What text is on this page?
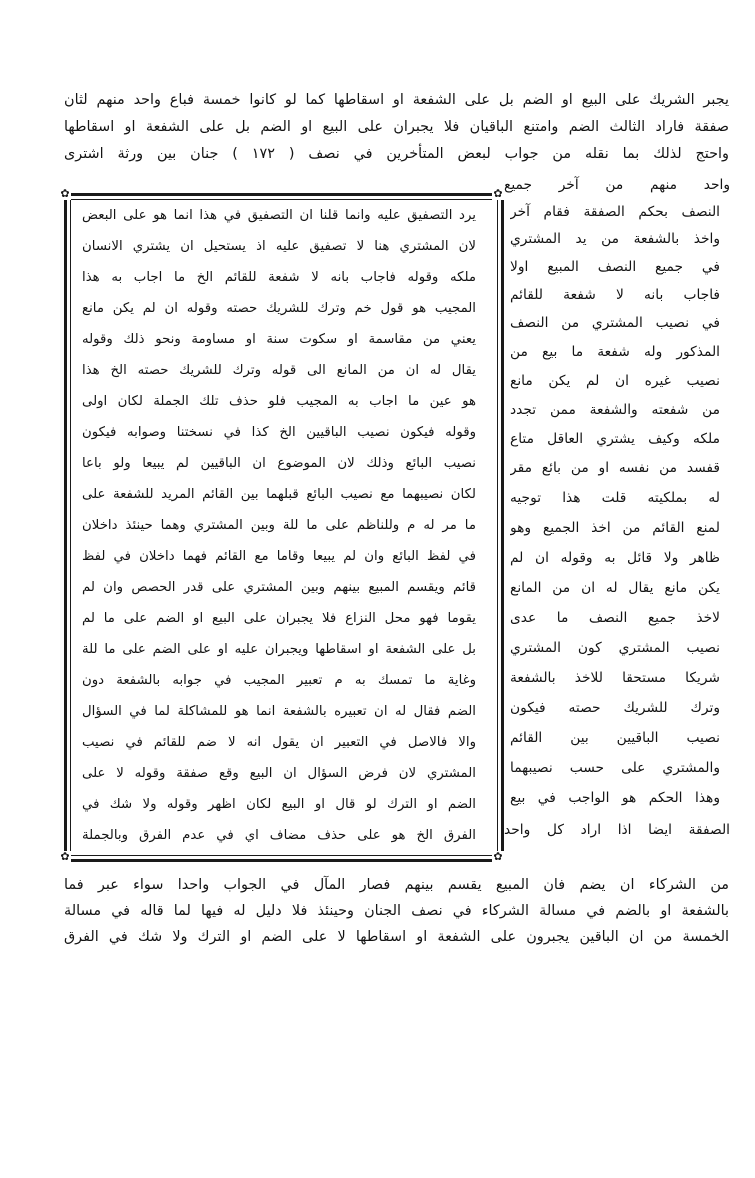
يجبر الشريك على البيع او الضم بل على الشفعة او اسقاطها كما لو كانوا خمسة فباع واحد منهم لثان
صفقة فاراد الثالث الضم وامتنع الباقيان فلا يجبران على البيع او الضم بل على الشفعة او اسقاطها
واحتج لذلك بما نقله من جواب لبعض المتأخرين في نصف ( ١٧٢ ) جنان بين ورثة اشترى
✿	✿
✿	✿
واحد منهم من آخر جميع
النصف بحكم الصفقة فقام آخر
واخذ بالشفعة من يد المشتري
في جميع النصف المبيع اولا
فاجاب بانه لا شفعة للقائم
في نصيب المشتري من النصف
المذكور وله شفعة ما بيع من
نصيب غيره ان لم يكن مانع
من شفعته والشفعة ممن تجدد
ملكه وكيف يشتري العاقل متاع
قفسد من نفسه او من بائع مقر
له بملكيته قلت هذا توجيه
لمنع القائم من اخذ الجميع وهو
ظاهر ولا قائل به وقوله ان لم
يكن مانع يقال له ان من المانع
لاخذ جميع النصف ما عدى
نصيب المشتري كون المشتري
شريكا مستحقا للاخذ بالشفعة
وترك للشريك حصته فيكون
نصيب الباقيين بين القائم
والمشتري على حسب نصيبهما
وهذا الحكم هو الواجب في بيع
الصفقة ايضا اذا اراد كل واحد
يرد التصفيق عليه وانما قلنا ان التصفيق في هذا انما هو على البعض
لان المشتري هنا لا تصفيق عليه اذ يستحيل ان يشتري الانسان
ملكه وقوله فاجاب بانه لا شفعة للقائم الخ ما اجاب به هذا
المجيب هو قول خم وترك للشريك حصته وقوله ان لم يكن مانع
يعني من مقاسمة او سكوت سنة او مساومة ونحو ذلك وقوله
يقال له ان من المانع الى قوله وترك للشريك حصته الخ هذا
هو عين ما اجاب به المجيب فلو حذف تلك الجملة لكان اولى
وقوله فيكون نصيب الباقيين الخ كذا في نسختنا وصوابه فيكون
نصيب البائع وذلك لان الموضوع ان الباقيين لم يبيعا ولو باعا
لكان نصيبهما مع نصيب البائع قبلهما بين القائم المريد للشفعة على
ما مر له م وللناظم على ما للة وبين المشتري وهما حينئذ داخلان
في لفظ البائع وان لم يبيعا وقاما مع القائم فهما داخلان في لفظ
قائم ويقسم المبيع بينهم وبين المشتري على قدر الحصص وان لم
يقوما فهو محل النزاع فلا يجبران على البيع او الضم على ما لم
بل على الشفعة او اسقاطها ويجبران عليه او على الضم على ما للة
وغاية ما تمسك به م تعبير المجيب في جوابه بالشفعة دون
الضم فقال له ان تعبيره بالشفعة انما هو للمشاكلة لما في السؤال
والا فالاصل في التعبير ان يقول انه لا ضم للقائم في نصيب
المشتري لان فرض السؤال ان البيع وقع صفقة وقوله لا على
الضم او الترك لو قال او البيع لكان اظهر وقوله ولا شك في
الفرق الخ هو على حذف مضاف اي في عدم الفرق وبالجملة
من الشركاء ان يضم فان المبيع يقسم بينهم فصار المآل في الجواب واحدا سواء عبر فما
بالشفعة او بالضم في مسالة الشركاء في نصف الجنان وحينئذ فلا دليل له فيها لما قاله في مسالة
الخمسة من ان الباقين يجبرون على الشفعة او اسقاطها لا على الضم او الترك ولا شك في الفرق
